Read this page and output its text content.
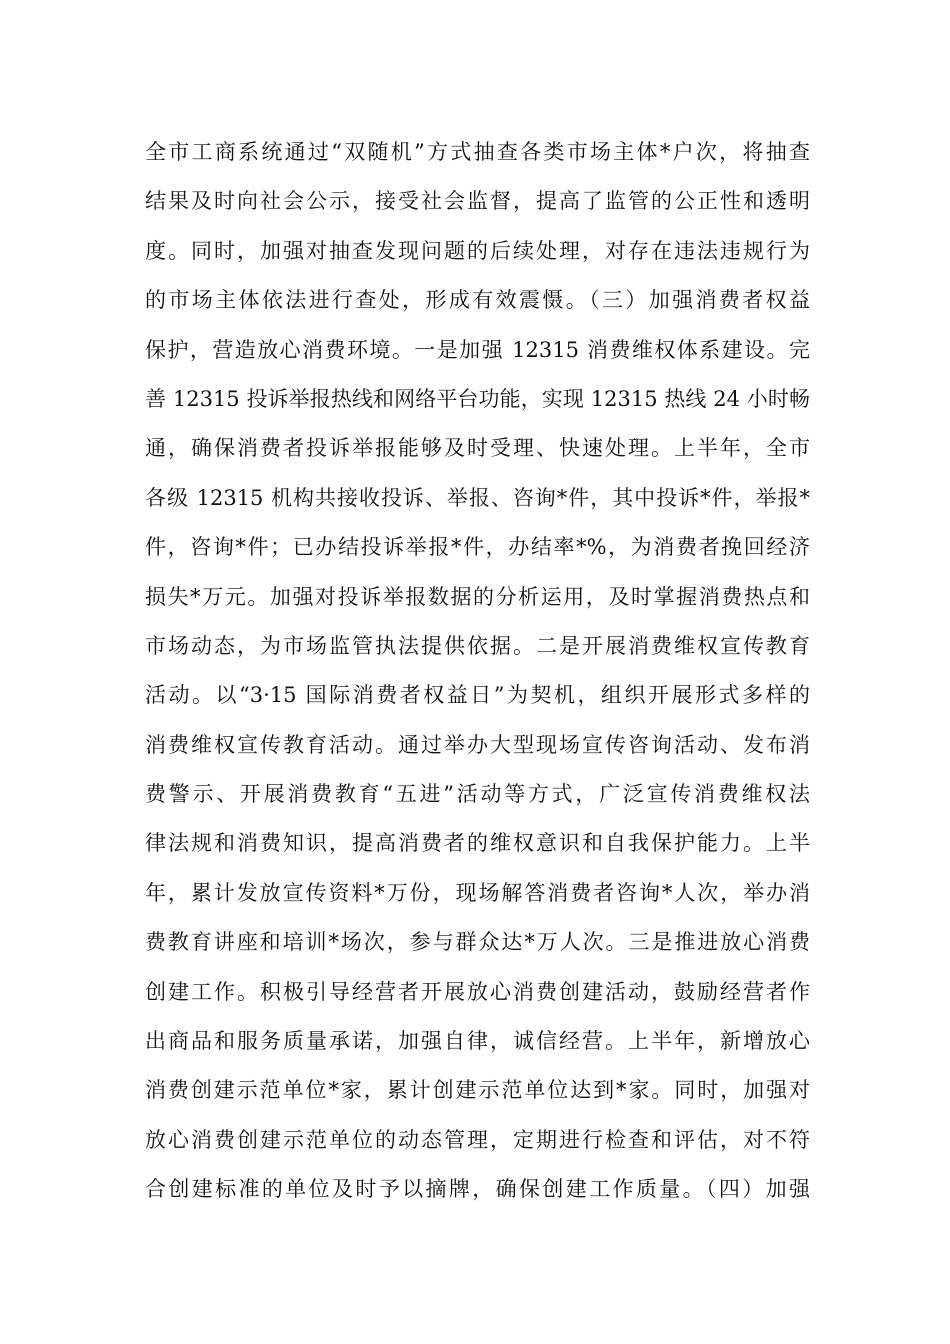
全市工商系统通过“双随机”方式抽查各类市场主体*户次，将抽查
结果及时向社会公示，接受社会监督，提高了监管的公正性和透明
度。同时，加强对抽查发现问题的后续处理，对存在违法违规行为
的市场主体依法进行查处，形成有效震慑。（三）加强消费者权益
保护，营造放心消费环境。一是加强 12315 消费维权体系建设。完
善 12315 投诉举报热线和网络平台功能，实现 12315 热线 24 小时畅
通，确保消费者投诉举报能够及时受理、快速处理。上半年，全市
各级 12315 机构共接收投诉、举报、咨询*件，其中投诉*件，举报*
件，咨询*件；已办结投诉举报*件，办结率*%，为消费者挽回经济
损失*万元。加强对投诉举报数据的分析运用，及时掌握消费热点和
市场动态，为市场监管执法提供依据。二是开展消费维权宣传教育
活动。以“3·15 国际消费者权益日”为契机，组织开展形式多样的
消费维权宣传教育活动。通过举办大型现场宣传咨询活动、发布消
费警示、开展消费教育“五进”活动等方式，广泛宣传消费维权法
律法规和消费知识，提高消费者的维权意识和自我保护能力。上半
年，累计发放宣传资料*万份，现场解答消费者咨询*人次，举办消
费教育讲座和培训*场次，参与群众达*万人次。三是推进放心消费
创建工作。积极引导经营者开展放心消费创建活动，鼓励经营者作
出商品和服务质量承诺，加强自律，诚信经营。上半年，新增放心
消费创建示范单位*家，累计创建示范单位达到*家。同时，加强对
放心消费创建示范单位的动态管理，定期进行检查和评估，对不符
合创建标准的单位及时予以摘牌，确保创建工作质量。（四）加强
